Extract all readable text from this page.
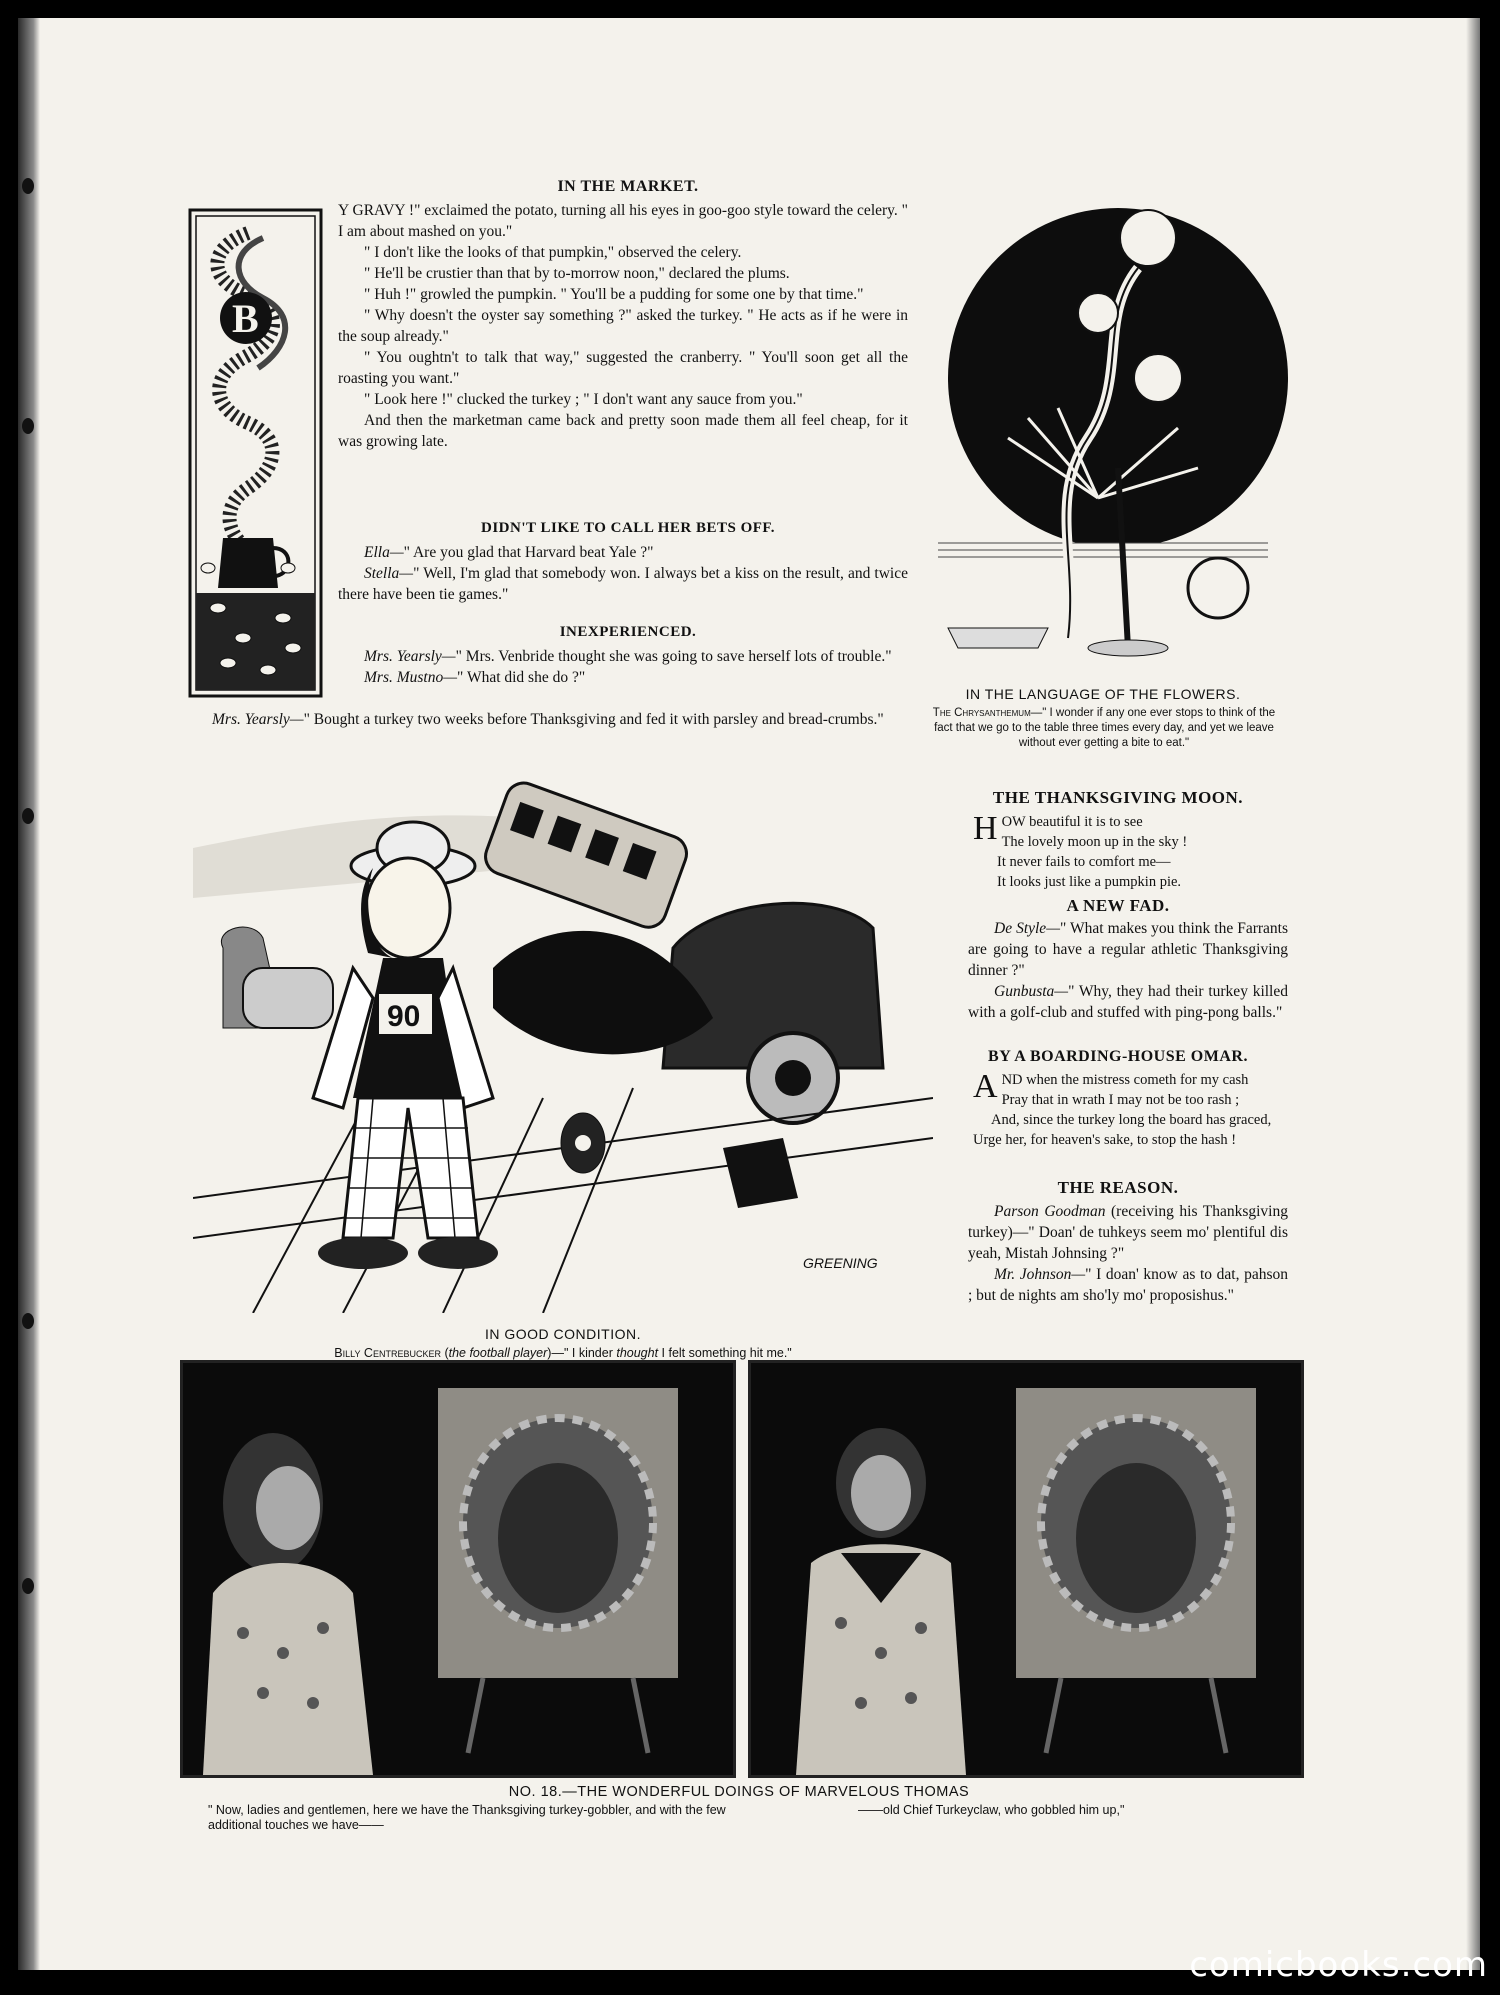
B
IN THE MARKET.

Y GRAVY !" exclaimed the potato, turning all his eyes in goo-goo style toward the celery. " I am about mashed on you."

" I don't like the looks of that pumpkin," observed the celery.

" He'll be crustier than that by to-morrow noon," declared the plums.

" Huh !" growled the pumpkin. " You'll be a pudding for some one by that time."

" Why doesn't the oyster say something ?" asked the turkey. " He acts as if he were in the soup already."

" You oughtn't to talk that way," suggested the cranberry. " You'll soon get all the roasting you want."

" Look here !" clucked the turkey ; " I don't want any sauce from you."

And then the marketman came back and pretty soon made them all feel cheap, for it was growing late.

DIDN'T LIKE TO CALL HER BETS OFF.

Ella—" Are you glad that Harvard beat Yale ?"

Stella—" Well, I'm glad that somebody won. I always bet a kiss on the result, and twice there have been tie games."

INEXPERIENCED.

Mrs. Yearsly—" Mrs. Venbride thought she was going to save herself lots of trouble."

Mrs. Mustno—" What did she do ?"

Mrs. Yearsly—" Bought a turkey two weeks before Thanksgiving and fed it with parsley and bread-crumbs."

IN THE LANGUAGE OF THE FLOWERS.
The Chrysanthemum—" I wonder if any one ever stops to think of the fact that we go to the table three times every day, and yet we leave without ever getting a bite to eat."
90
GREENING
IN GOOD CONDITION.
Billy Centrebucker (the football player)—" I kinder thought I felt something hit me."
THE THANKSGIVING MOON.
H OW beautiful it is to see
The lovely moon up in the sky !
It never fails to comfort me—
It looks just like a pumpkin pie.
A NEW FAD.

De Style—" What makes you think the Farrants are going to have a regular athletic Thanksgiving dinner ?"

Gunbusta—" Why, they had their turkey killed with a golf-club and stuffed with ping-pong balls."

BY A BOARDING-HOUSE OMAR.
A ND when the mistress cometh for my cash
Pray that in wrath I may not be too rash ;
And, since the turkey long the board has graced,
Urge her, for heaven's sake, to stop the hash !
THE REASON.

Parson Goodman (receiving his Thanksgiving turkey)—" Doan' de tuhkeys seem mo' plentiful dis yeah, Mistah Johnsing ?"

Mr. Johnson—" I doan' know as to dat, pahson ; but de nights am sho'ly mo' proposishus."

NO. 18.—THE WONDERFUL DOINGS OF MARVELOUS THOMAS
" Now, ladies and gentlemen, here we have the Thanksgiving turkey-gobbler, and with the few additional touches we have——
——old Chief Turkeyclaw, who gobbled him up,"
comicbooks.com
